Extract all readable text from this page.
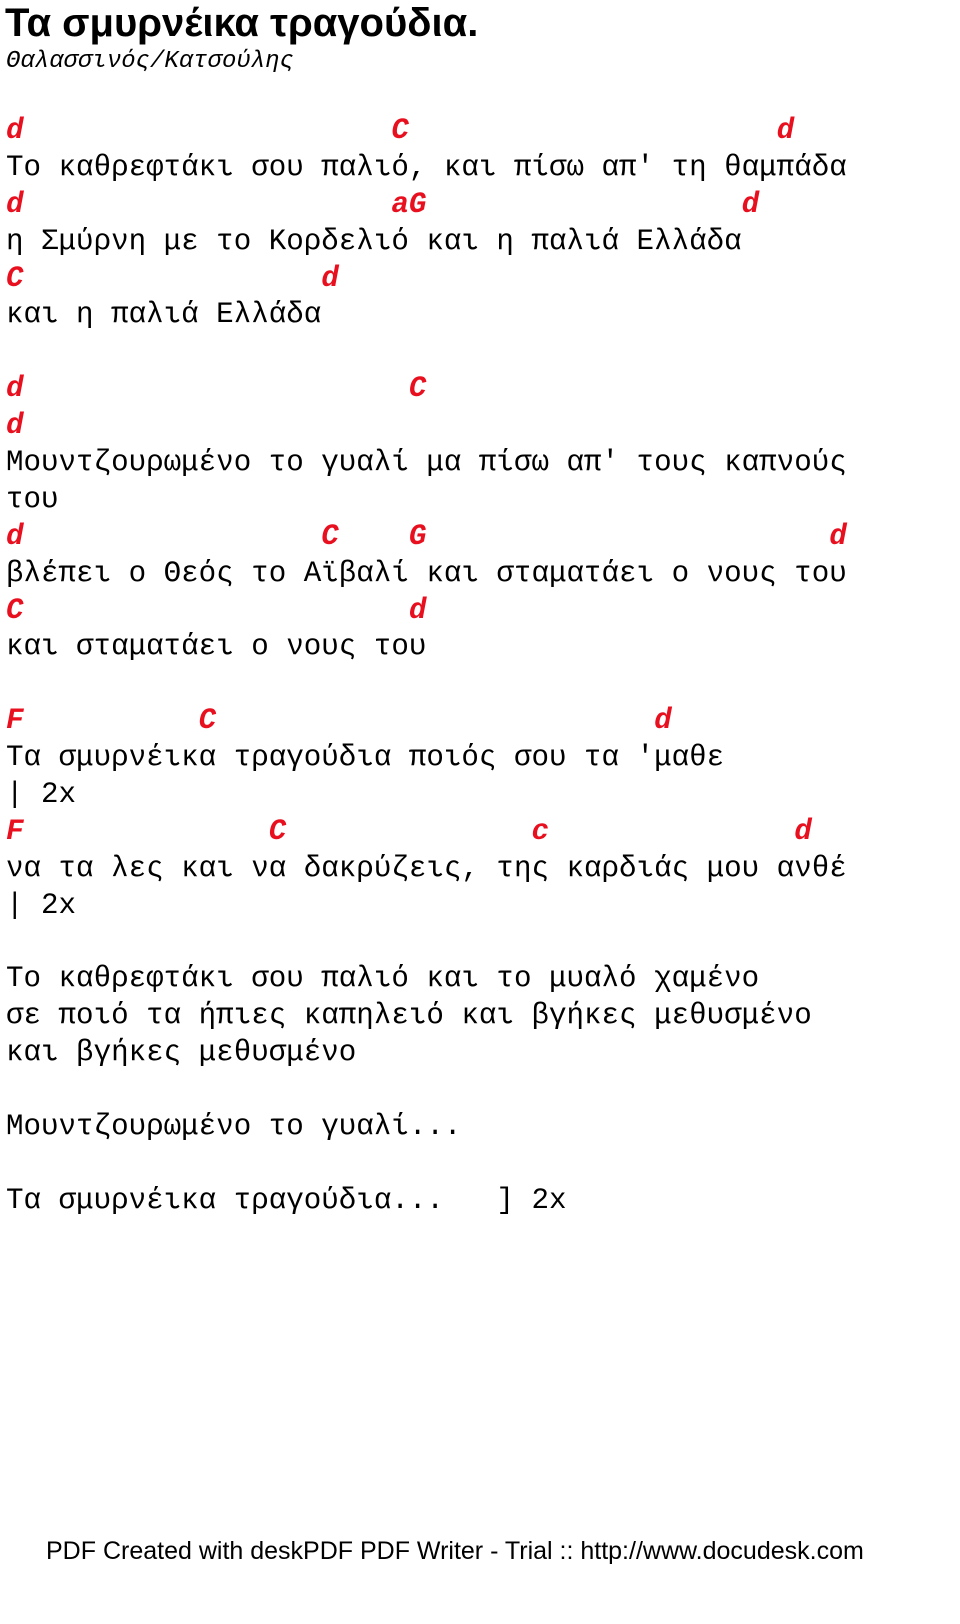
Τα σμυρνέικα τραγούδια.
Θαλασσινός/Κατσούλης
d                     C                     d
Το καθρεφτάκι σου παλιό, και πίσω απ' τη θαμπάδα
d                     aG                  d
η Σμύρνη με το Κορδελιό και η παλιά Ελλάδα
C                 d
και η παλιά Ελλάδα
d                      C
d
Μουντζουρωμένο το γυαλί μα πίσω απ' τους καπνούς
του
d                 C    G                       d
βλέπει ο Θεός το Αϊβαλί και σταματάει ο νους του
C                      d
και σταματάει ο νους του
F          C                         d
Τα σμυρνέικα τραγούδια ποιός σου τα 'μαθε
| 2x
F              C              c              d
να τα λες και να δακρύζεις, της καρδιάς μου ανθέ
| 2x
Το καθρεφτάκι σου παλιό και το μυαλό χαμένο
σε ποιό τα ήπιες καπηλειό και βγήκες μεθυσμένο
και βγήκες μεθυσμένο
Μουντζουρωμένο το γυαλί...
Τα σμυρνέικα τραγούδια...   ] 2x
PDF Created with deskPDF PDF Writer - Trial :: http://www.docudesk.com
